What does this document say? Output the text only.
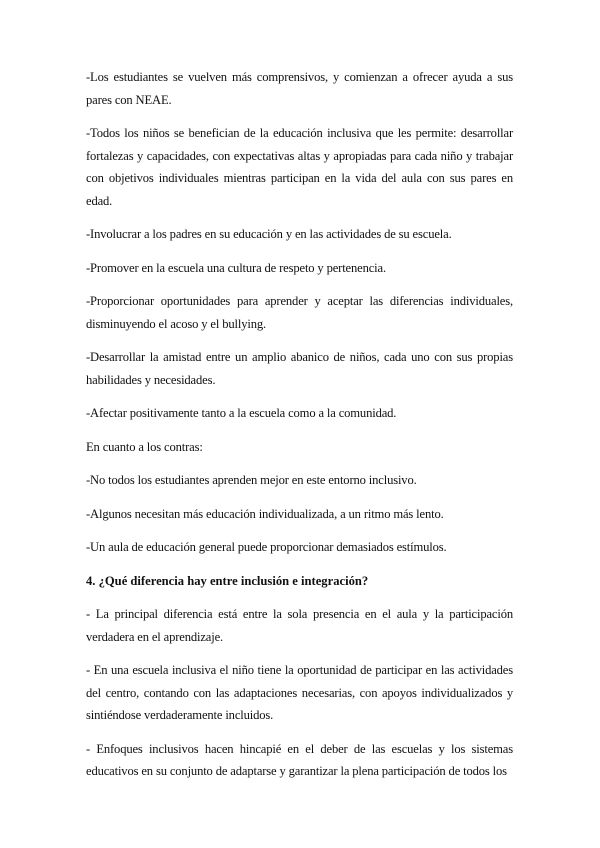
-Los estudiantes se vuelven más comprensivos, y comienzan a ofrecer ayuda a sus pares con NEAE.

-Todos los niños se benefician de la educación inclusiva que les permite: desarrollar fortalezas y capacidades, con expectativas altas y apropiadas para cada niño y trabajar con objetivos individuales mientras participan en la vida del aula con sus pares en edad.

-Involucrar a los padres en su educación y en las actividades de su escuela.

-Promover en la escuela una cultura de respeto y pertenencia.

-Proporcionar oportunidades para aprender y aceptar las diferencias individuales, disminuyendo el acoso y el bullying.

-Desarrollar la amistad entre un amplio abanico de niños, cada uno con sus propias habilidades y necesidades.

-Afectar positivamente tanto a la escuela como a la comunidad.

En cuanto a los contras:

-No todos los estudiantes aprenden mejor en este entorno inclusivo.

-Algunos necesitan más educación individualizada, a un ritmo más lento.

-Un aula de educación general puede proporcionar demasiados estímulos.

4. ¿Qué diferencia hay entre inclusión e integración?

- La principal diferencia está entre la sola presencia en el aula y la participación verdadera en el aprendizaje.

- En una escuela inclusiva el niño tiene la oportunidad de participar en las actividades del centro, contando con las adaptaciones necesarias, con apoyos individualizados y sintiéndose verdaderamente incluidos.

- Enfoques inclusivos hacen hincapié en el deber de las escuelas y los sistemas educativos en su conjunto de adaptarse y garantizar la plena participación de todos los
